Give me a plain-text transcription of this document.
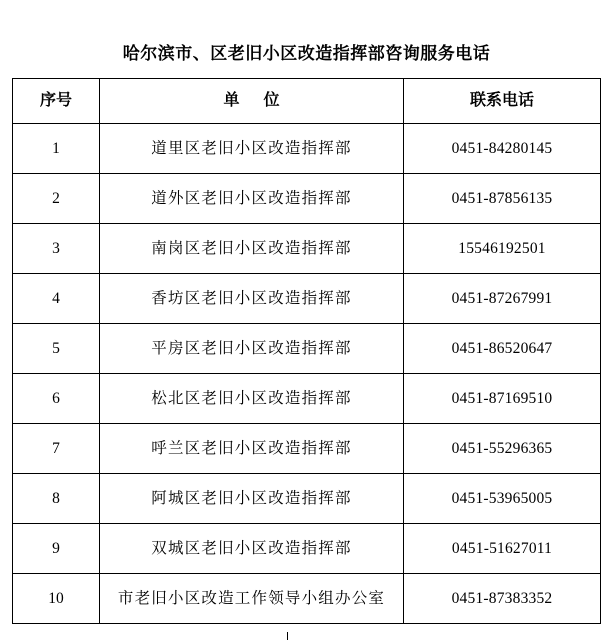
哈尔滨市、区老旧小区改造指挥部咨询服务电话
序号	单 位	联系电话
1	道里区老旧小区改造指挥部	0451-84280145
2	道外区老旧小区改造指挥部	0451-87856135
3	南岗区老旧小区改造指挥部	15546192501
4	香坊区老旧小区改造指挥部	0451-87267991
5	平房区老旧小区改造指挥部	0451-86520647
6	松北区老旧小区改造指挥部	0451-87169510
7	呼兰区老旧小区改造指挥部	0451-55296365
8	阿城区老旧小区改造指挥部	0451-53965005
9	双城区老旧小区改造指挥部	0451-51627011
10	市老旧小区改造工作领导小组办公室	0451-87383352
